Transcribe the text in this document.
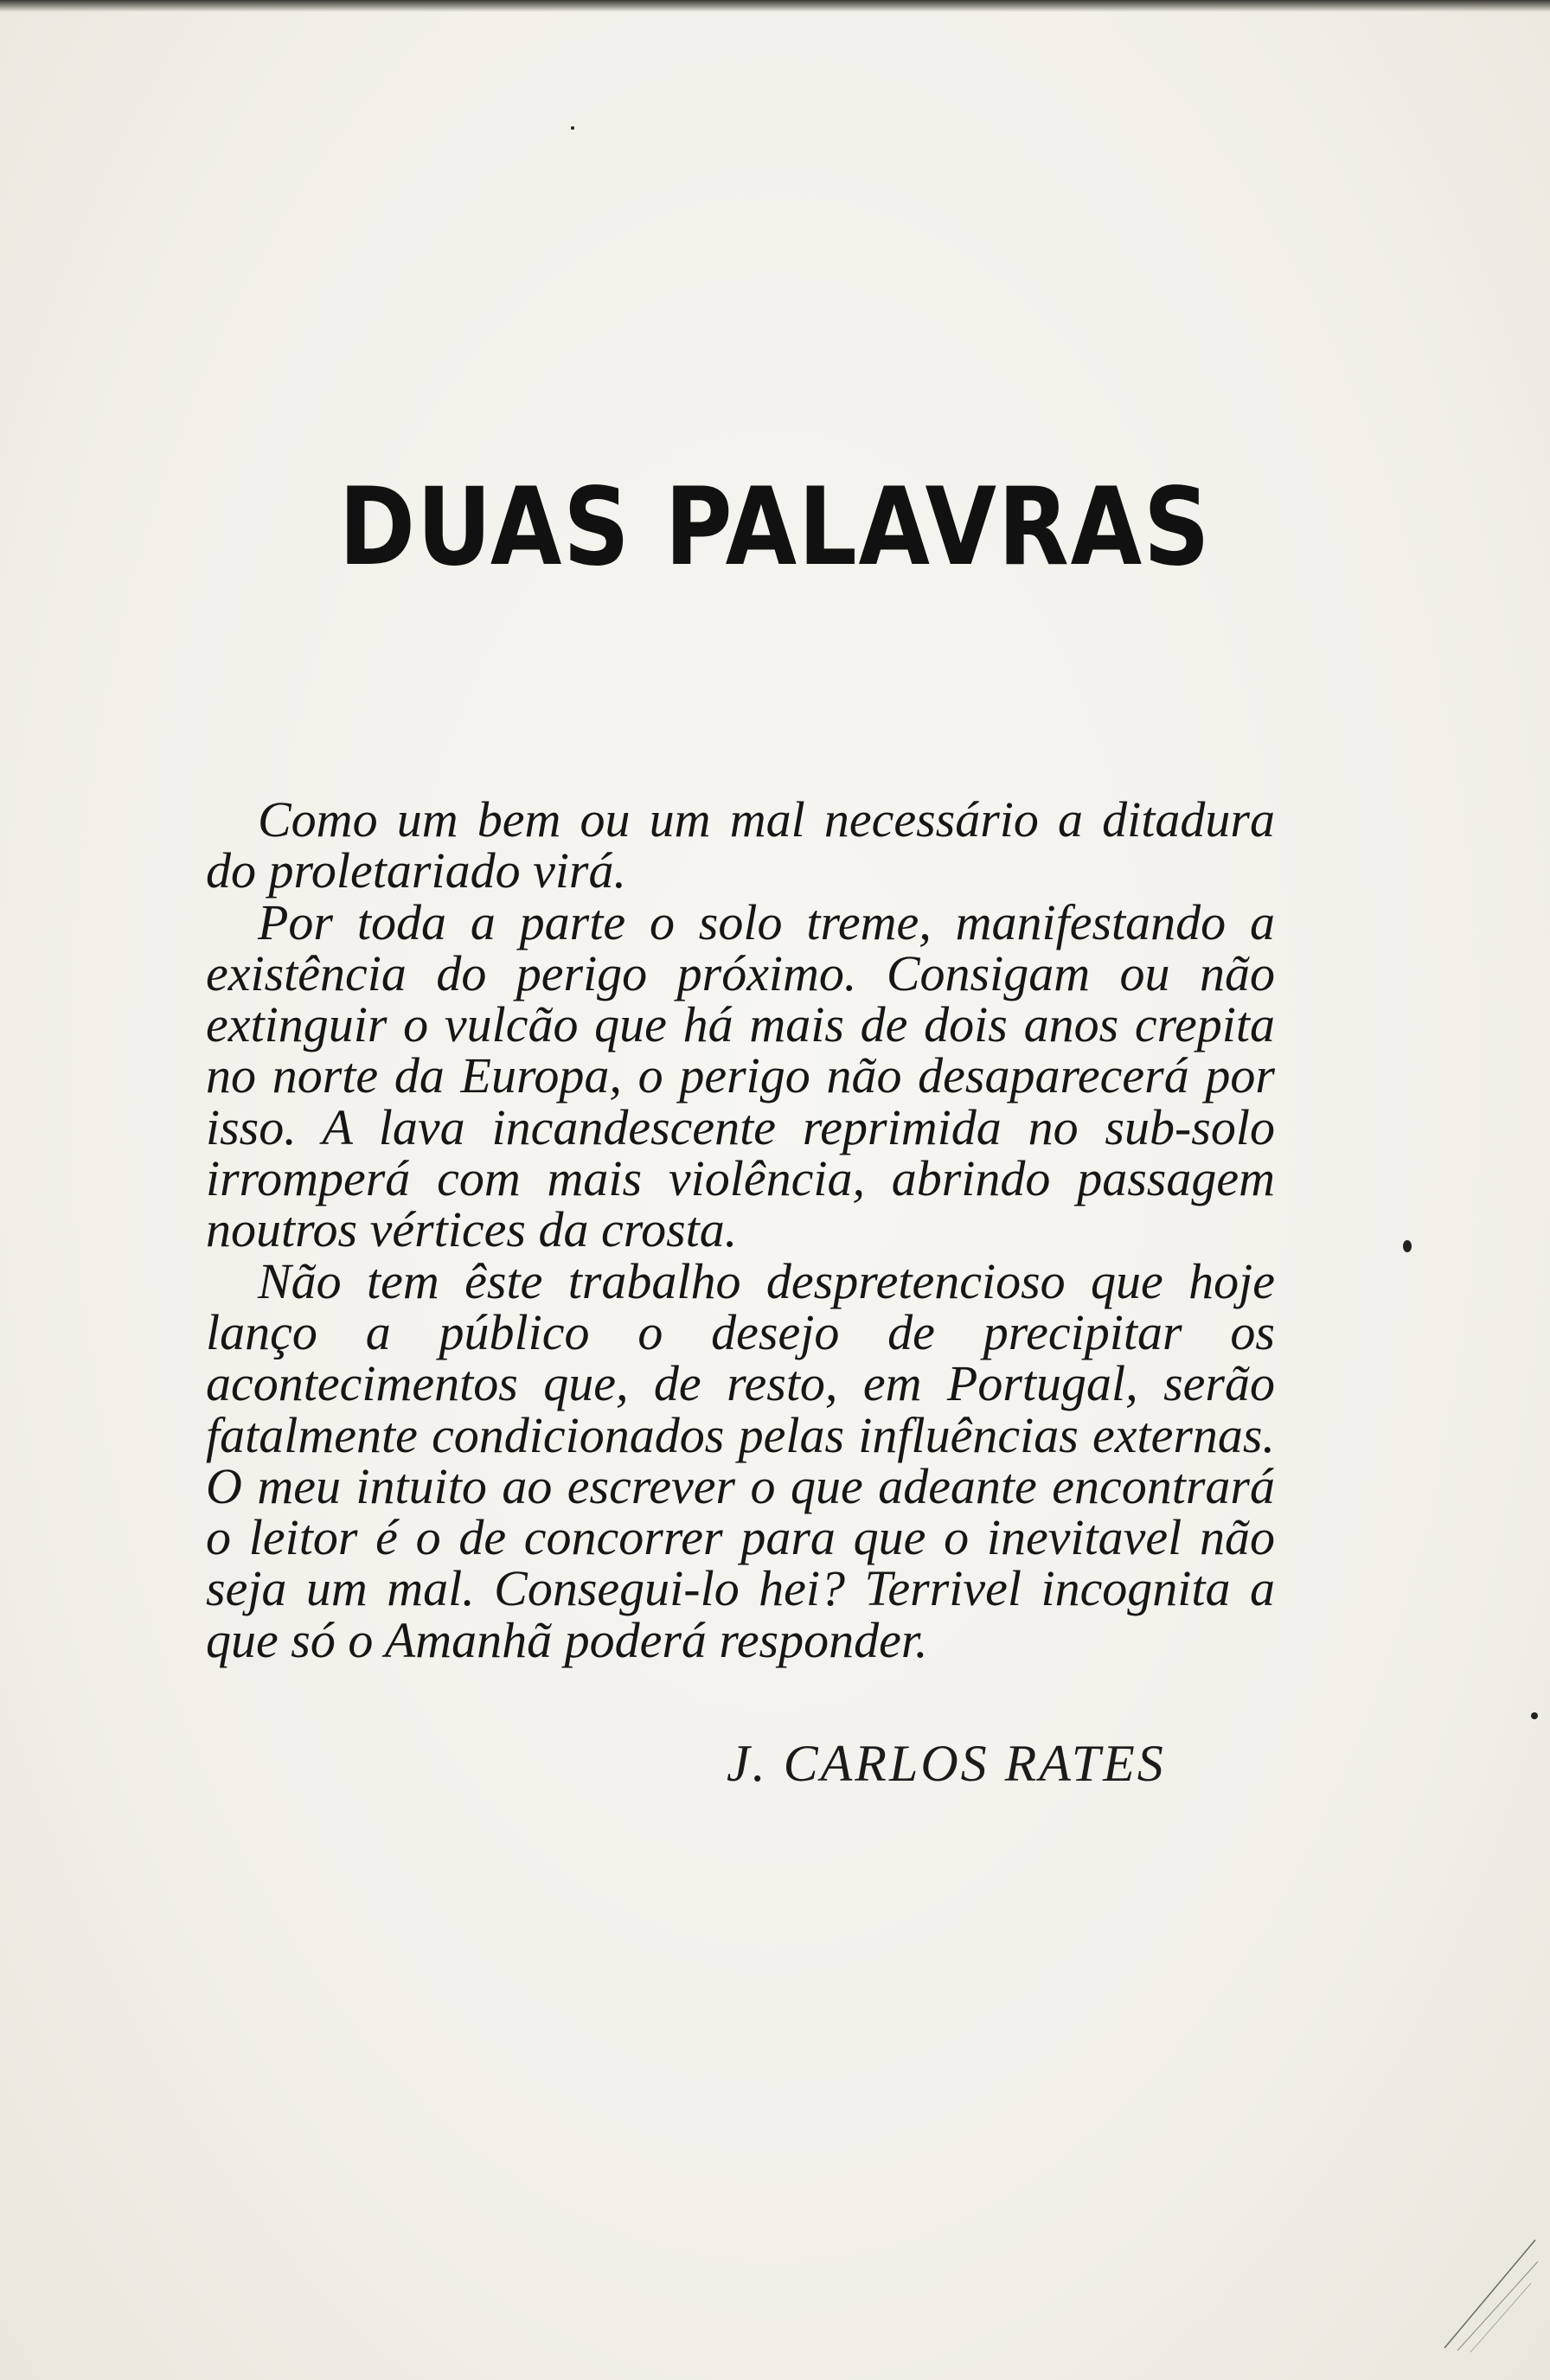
DUAS PALAVRAS

Como um bem ou um mal necessário a ditadura do proletariado virá.

Por toda a parte o solo treme, manifestando a existência do perigo próximo. Consigam ou não extinguir o vulcão que há mais de dois anos crepita no norte da Europa, o perigo não desaparecerá por isso. A lava incandescente reprimida no sub-solo irromperá com mais violência, abrindo passagem noutros vértices da crosta.

Não tem êste trabalho despretencioso que hoje lanço a público o desejo de precipitar os acontecimentos que, de resto, em Portugal, serão fatalmente condicionados pelas influências externas. O meu intuito ao escrever o que adeante encontrará o leitor é o de concorrer para que o inevitavel não seja um mal. Consegui-lo hei? Terrivel incognita a que só o Amanhã poderá responder.

J. CARLOS RATES
